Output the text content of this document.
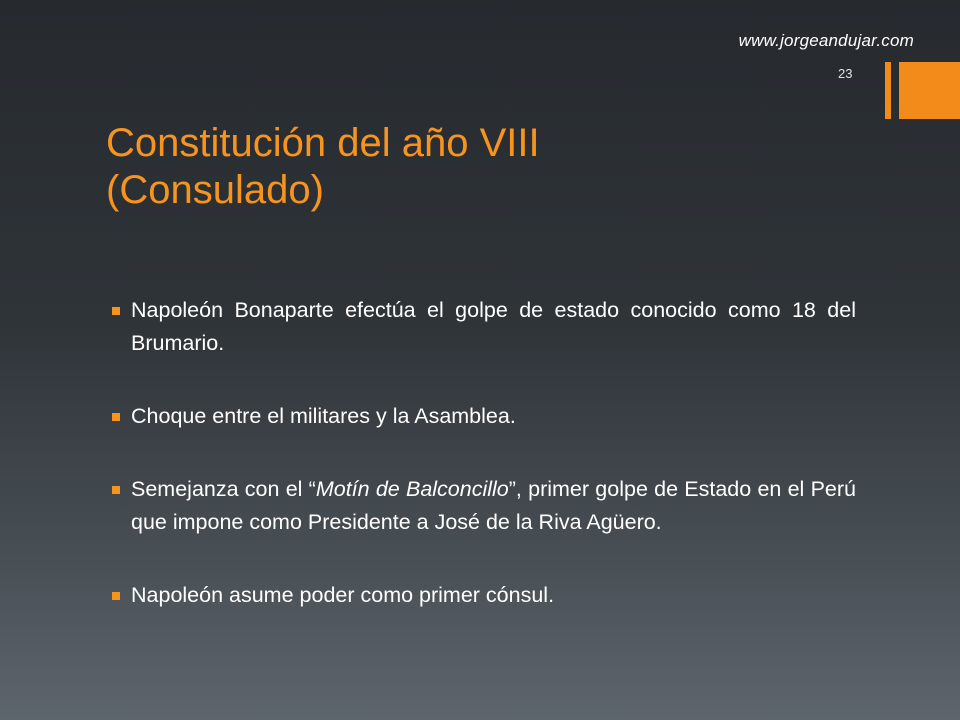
www.jorgeandujar.com
23
Constitución del año VIII
(Consulado)
Napoleón Bonaparte efectúa el golpe de estado conocido como 18 del Brumario.
Choque entre el militares y la Asamblea.
Semejanza con el “Motín de Balconcillo”, primer golpe de Estado en el Perú que impone como Presidente a José de la Riva Agüero.
Napoleón asume poder como primer cónsul.
